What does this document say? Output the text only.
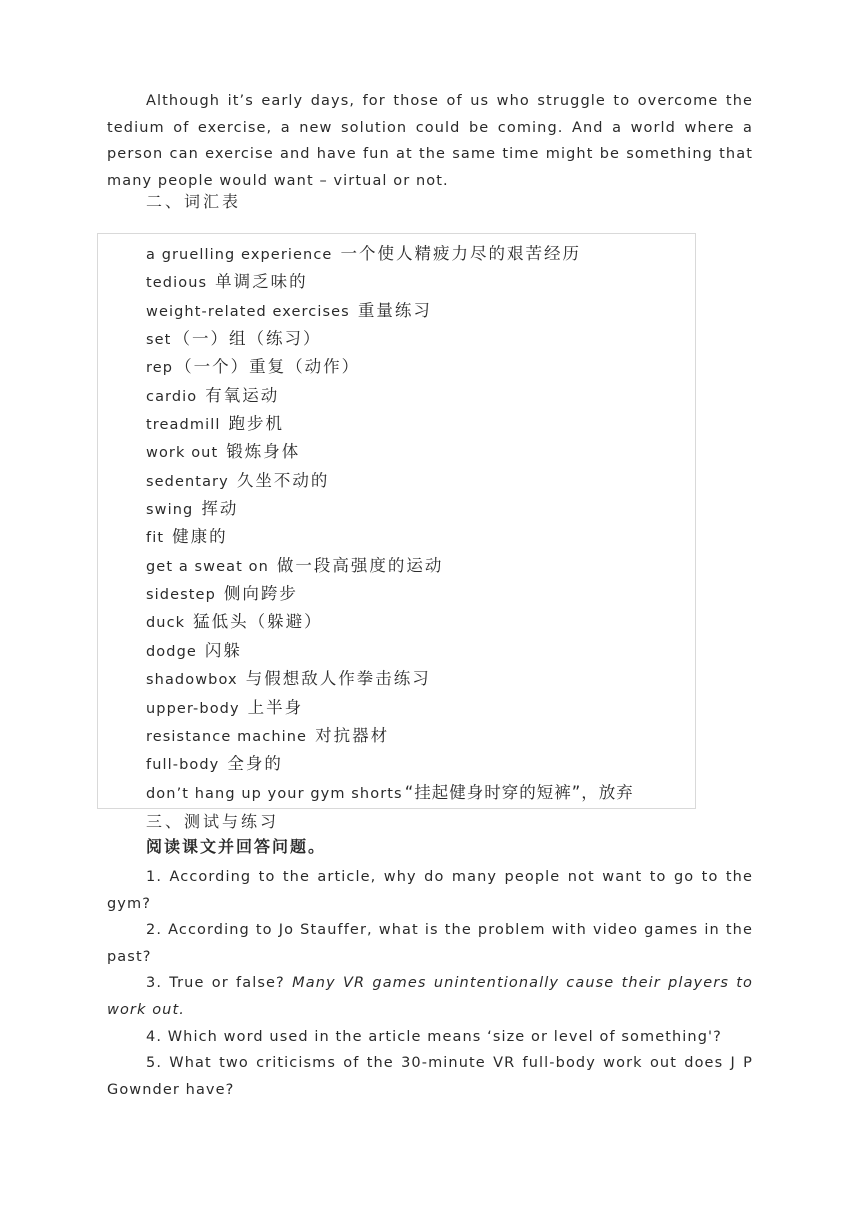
Although it’s early days, for those of us who struggle to overcome the tedium of exercise, a new solution could be coming. And a world where a person can exercise and have fun at the same time might be something that many people would want – virtual or not.

二、词汇表
a gruelling experience 一个使人精疲力尽的艰苦经历
tedious 单调乏味的
weight-related exercises 重量练习
set （一）组（练习）
rep （一个）重复（动作）
cardio 有氧运动
treadmill 跑步机
work out 锻炼身体
sedentary 久坐不动的
swing 挥动
fit 健康的
get a sweat on 做一段高强度的运动
sidestep 侧向跨步
duck 猛低头（躲避）
dodge 闪躲
shadowbox 与假想敌人作拳击练习
upper-body 上半身
resistance machine 对抗器材
full-body 全身的
don’t hang up your gym shorts “挂起健身时穿的短裤”，放弃
三、测试与练习
阅读课文并回答问题。

1. According to the article, why do many people not want to go to the gym?

2. According to Jo Stauffer, what is the problem with video games in the past?

3. True or false? Many VR games unintentionally cause their players to work out.

4. Which word used in the article means ‘size or level of something'?

5. What two criticisms of the 30-minute VR full-body work out does J P Gownder have?
